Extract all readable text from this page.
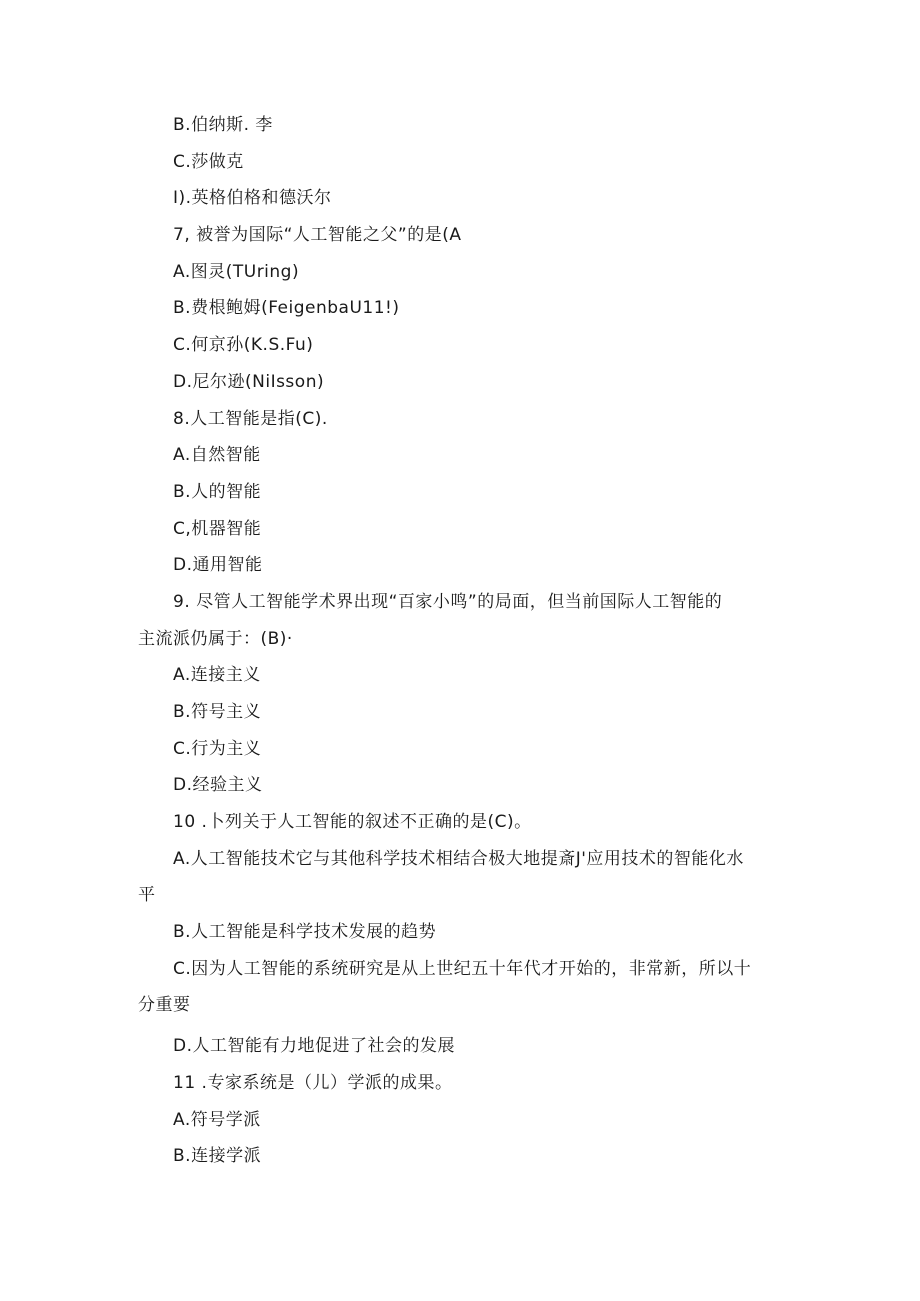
B.伯纳斯. 李
C.莎做克
I).英格伯格和德沃尔
7, 被誉为国际“人工智能之父”的是(A
A.图灵(TUring)
B.费根鲍姆(FeigenbaU11!)
C.何京孙(K.S.Fu)
D.尼尔逊(NiIsson)
8.人工智能是指(C).
A.自然智能
B.人的智能
C,机器智能
D.通用智能
9. 尽管人工智能学术界出现“百家小鸣”的局面，但当前国际人工智能的
主流派仍属于：(B)·
A.连接主义
B.符号主义
C.行为主义
D.经验主义
10 .卜列关于人工智能的叙述不正确的是(C)。
A.人工智能技术它与其他科学技术相结合极大地提斎J'应用技术的智能化水
平
B.人工智能是科学技术发展的趋势
C.因为人工智能的系统研究是从上世纪五十年代才开始的，非常新，所以十
分重要
D.人工智能有力地促进了社会的发展
11 .专家系统是（儿）学派的成果。
A.符号学派
B.连接学派
